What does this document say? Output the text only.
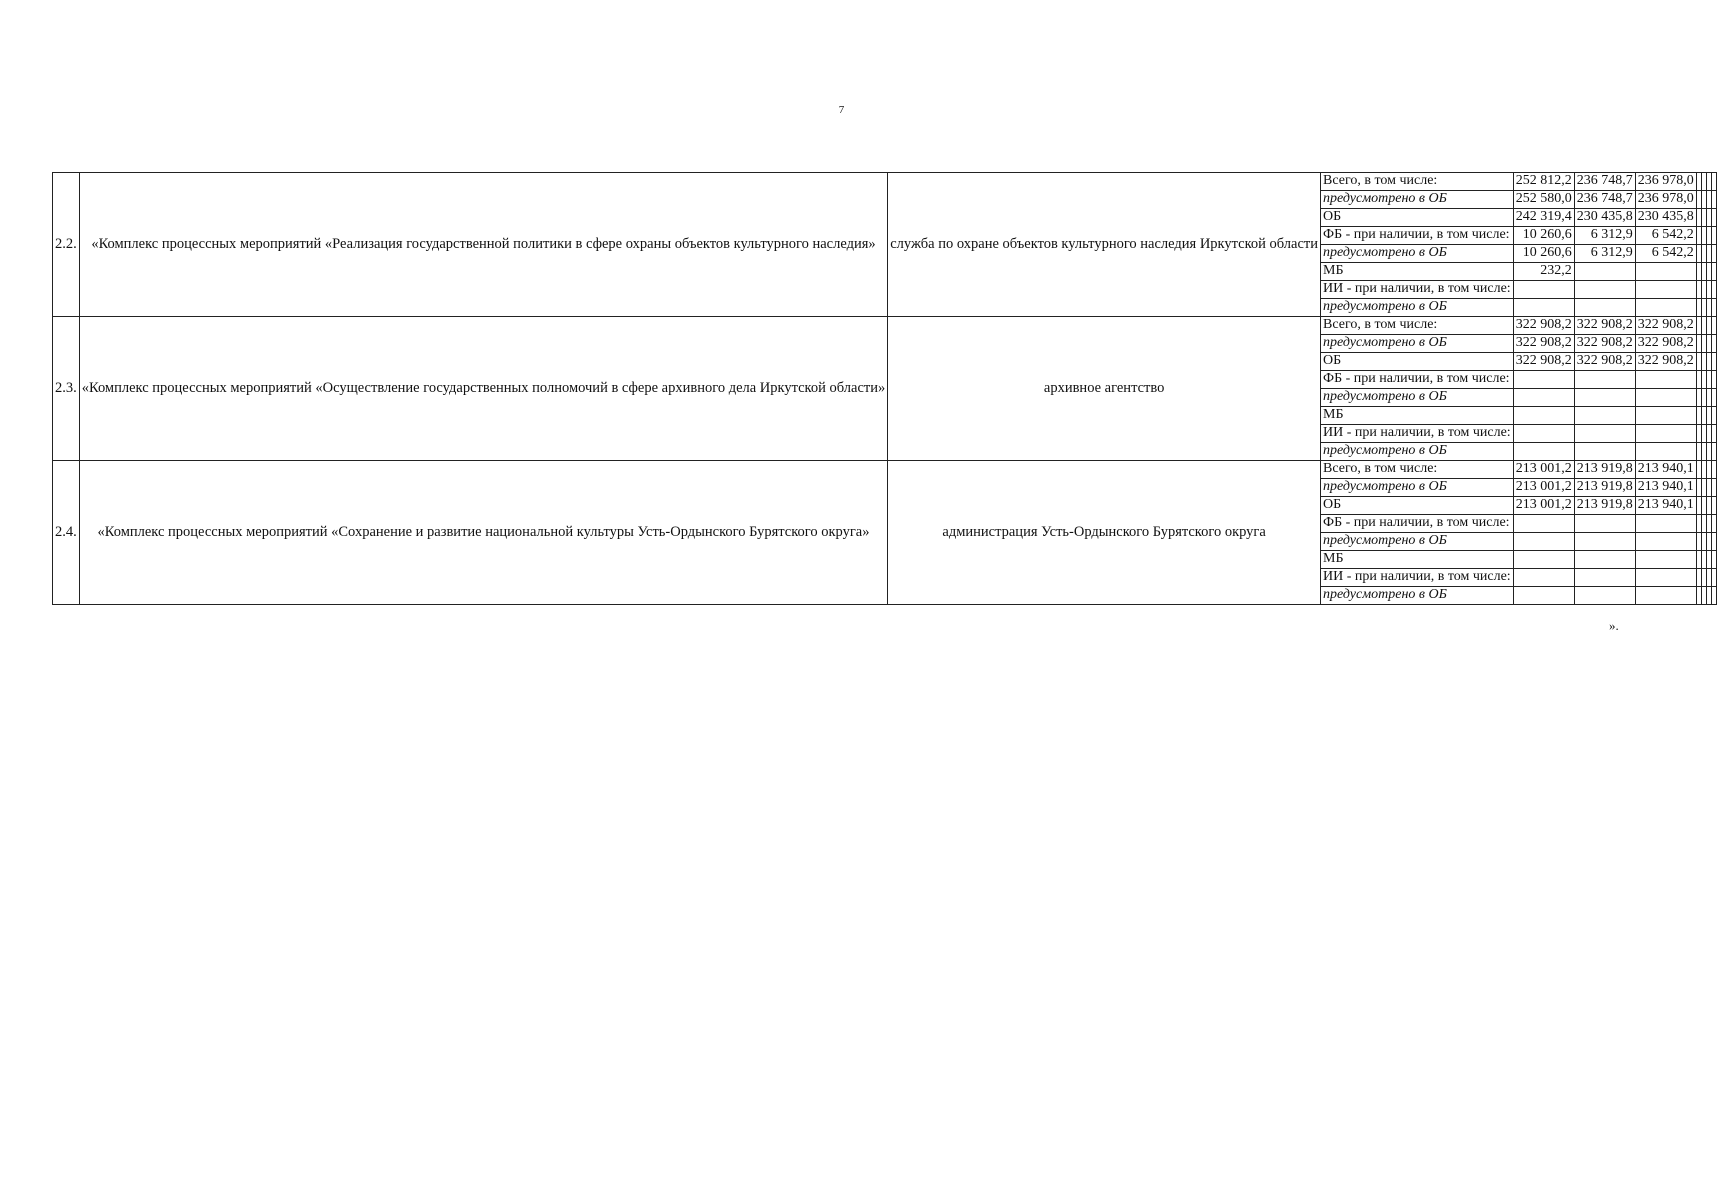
7
2.2.	«Комплекс процессных мероприятий «Реализация государственной политики в сфере охраны объектов культурного наследия»	служба по охране объектов культурного наследия Иркутской области	Всего, в том числе:	252 812,2	236 748,7	236 978,0				
			предусмотрено в ОБ	252 580,0	236 748,7	236 978,0				
			ОБ	242 319,4	230 435,8	230 435,8				
			ФБ - при наличии, в том числе:	10 260,6	6 312,9	6 542,2				
			предусмотрено в ОБ	10 260,6	6 312,9	6 542,2				
			МБ	232,2						
			ИИ - при наличии, в том числе:							
			предусмотрено в ОБ							
2.3.	«Комплекс процессных мероприятий «Осуществление государственных полномочий в сфере архивного дела Иркутской области»	архивное агентство	Всего, в том числе:	322 908,2	322 908,2	322 908,2				
			предусмотрено в ОБ	322 908,2	322 908,2	322 908,2				
			ОБ	322 908,2	322 908,2	322 908,2				
			ФБ - при наличии, в том числе:							
			предусмотрено в ОБ							
			МБ							
			ИИ - при наличии, в том числе:							
			предусмотрено в ОБ							
2.4.	«Комплекс процессных мероприятий «Сохранение и развитие национальной культуры Усть-Ордынского Бурятского округа»	администрация Усть-Ордынского Бурятского округа	Всего, в том числе:	213 001,2	213 919,8	213 940,1				
			предусмотрено в ОБ	213 001,2	213 919,8	213 940,1				
			ОБ	213 001,2	213 919,8	213 940,1				
			ФБ - при наличии, в том числе:							
			предусмотрено в ОБ							
			МБ							
			ИИ - при наличии, в том числе:							
			предусмотрено в ОБ							
».
